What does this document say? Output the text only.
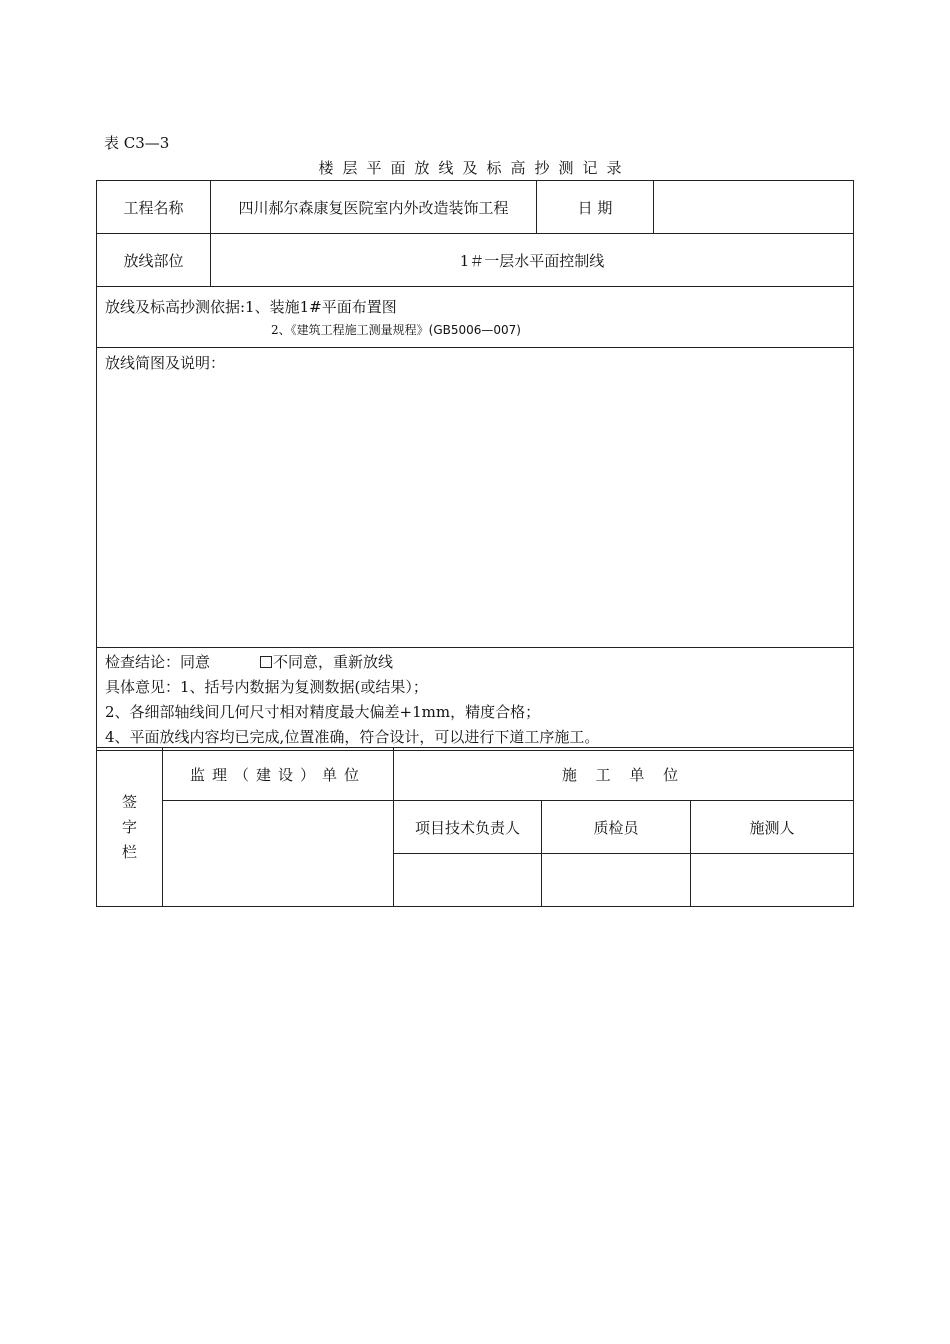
表 C3—3
楼层平面放线及标高抄测记录
工程名称	四川郝尔森康复医院室内外改造装饰工程	日 期	
放线部位	1＃一层水平面控制线		

放线及标高抄测依据:1、装施1#平面布置图
2、《建筑工程施工测量规程》(GB5006—007)			

放线简图及说明：			

检查结论：同意 不同意，重新放线
具体意见：1、括号内数据为复测数据(或结果）；
2、各细部轴线间几何尺寸相对精度最大偏差+1mm，精度合格；
4、平面放线内容均已完成,位置准确，符合设计，可以进行下道工序施工。			
签
字
栏	监理（建设）单位	施 工 单 位		
		项目技术负责人	质检员	施测人
